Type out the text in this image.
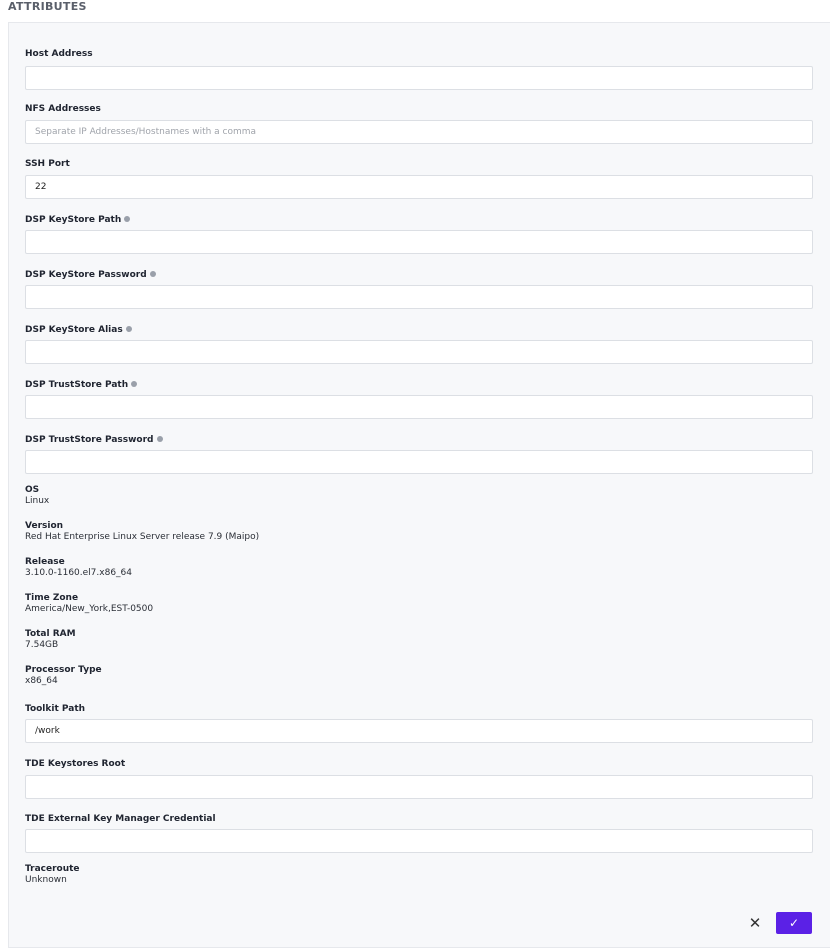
ATTRIBUTES
Host Address
NFS Addresses
Separate IP Addresses/Hostnames with a comma
SSH Port
22
DSP KeyStore Path
DSP KeyStore Password
DSP KeyStore Alias
DSP TrustStore Path
DSP TrustStore Password
OS
Linux
Version
Red Hat Enterprise Linux Server release 7.9 (Maipo)
Release
3.10.0-1160.el7.x86_64
Time Zone
America/New_York,EST-0500
Total RAM
7.54GB
Processor Type
x86_64
Toolkit Path
/work
TDE Keystores Root
TDE External Key Manager Credential
Traceroute
Unknown
✕	✓
